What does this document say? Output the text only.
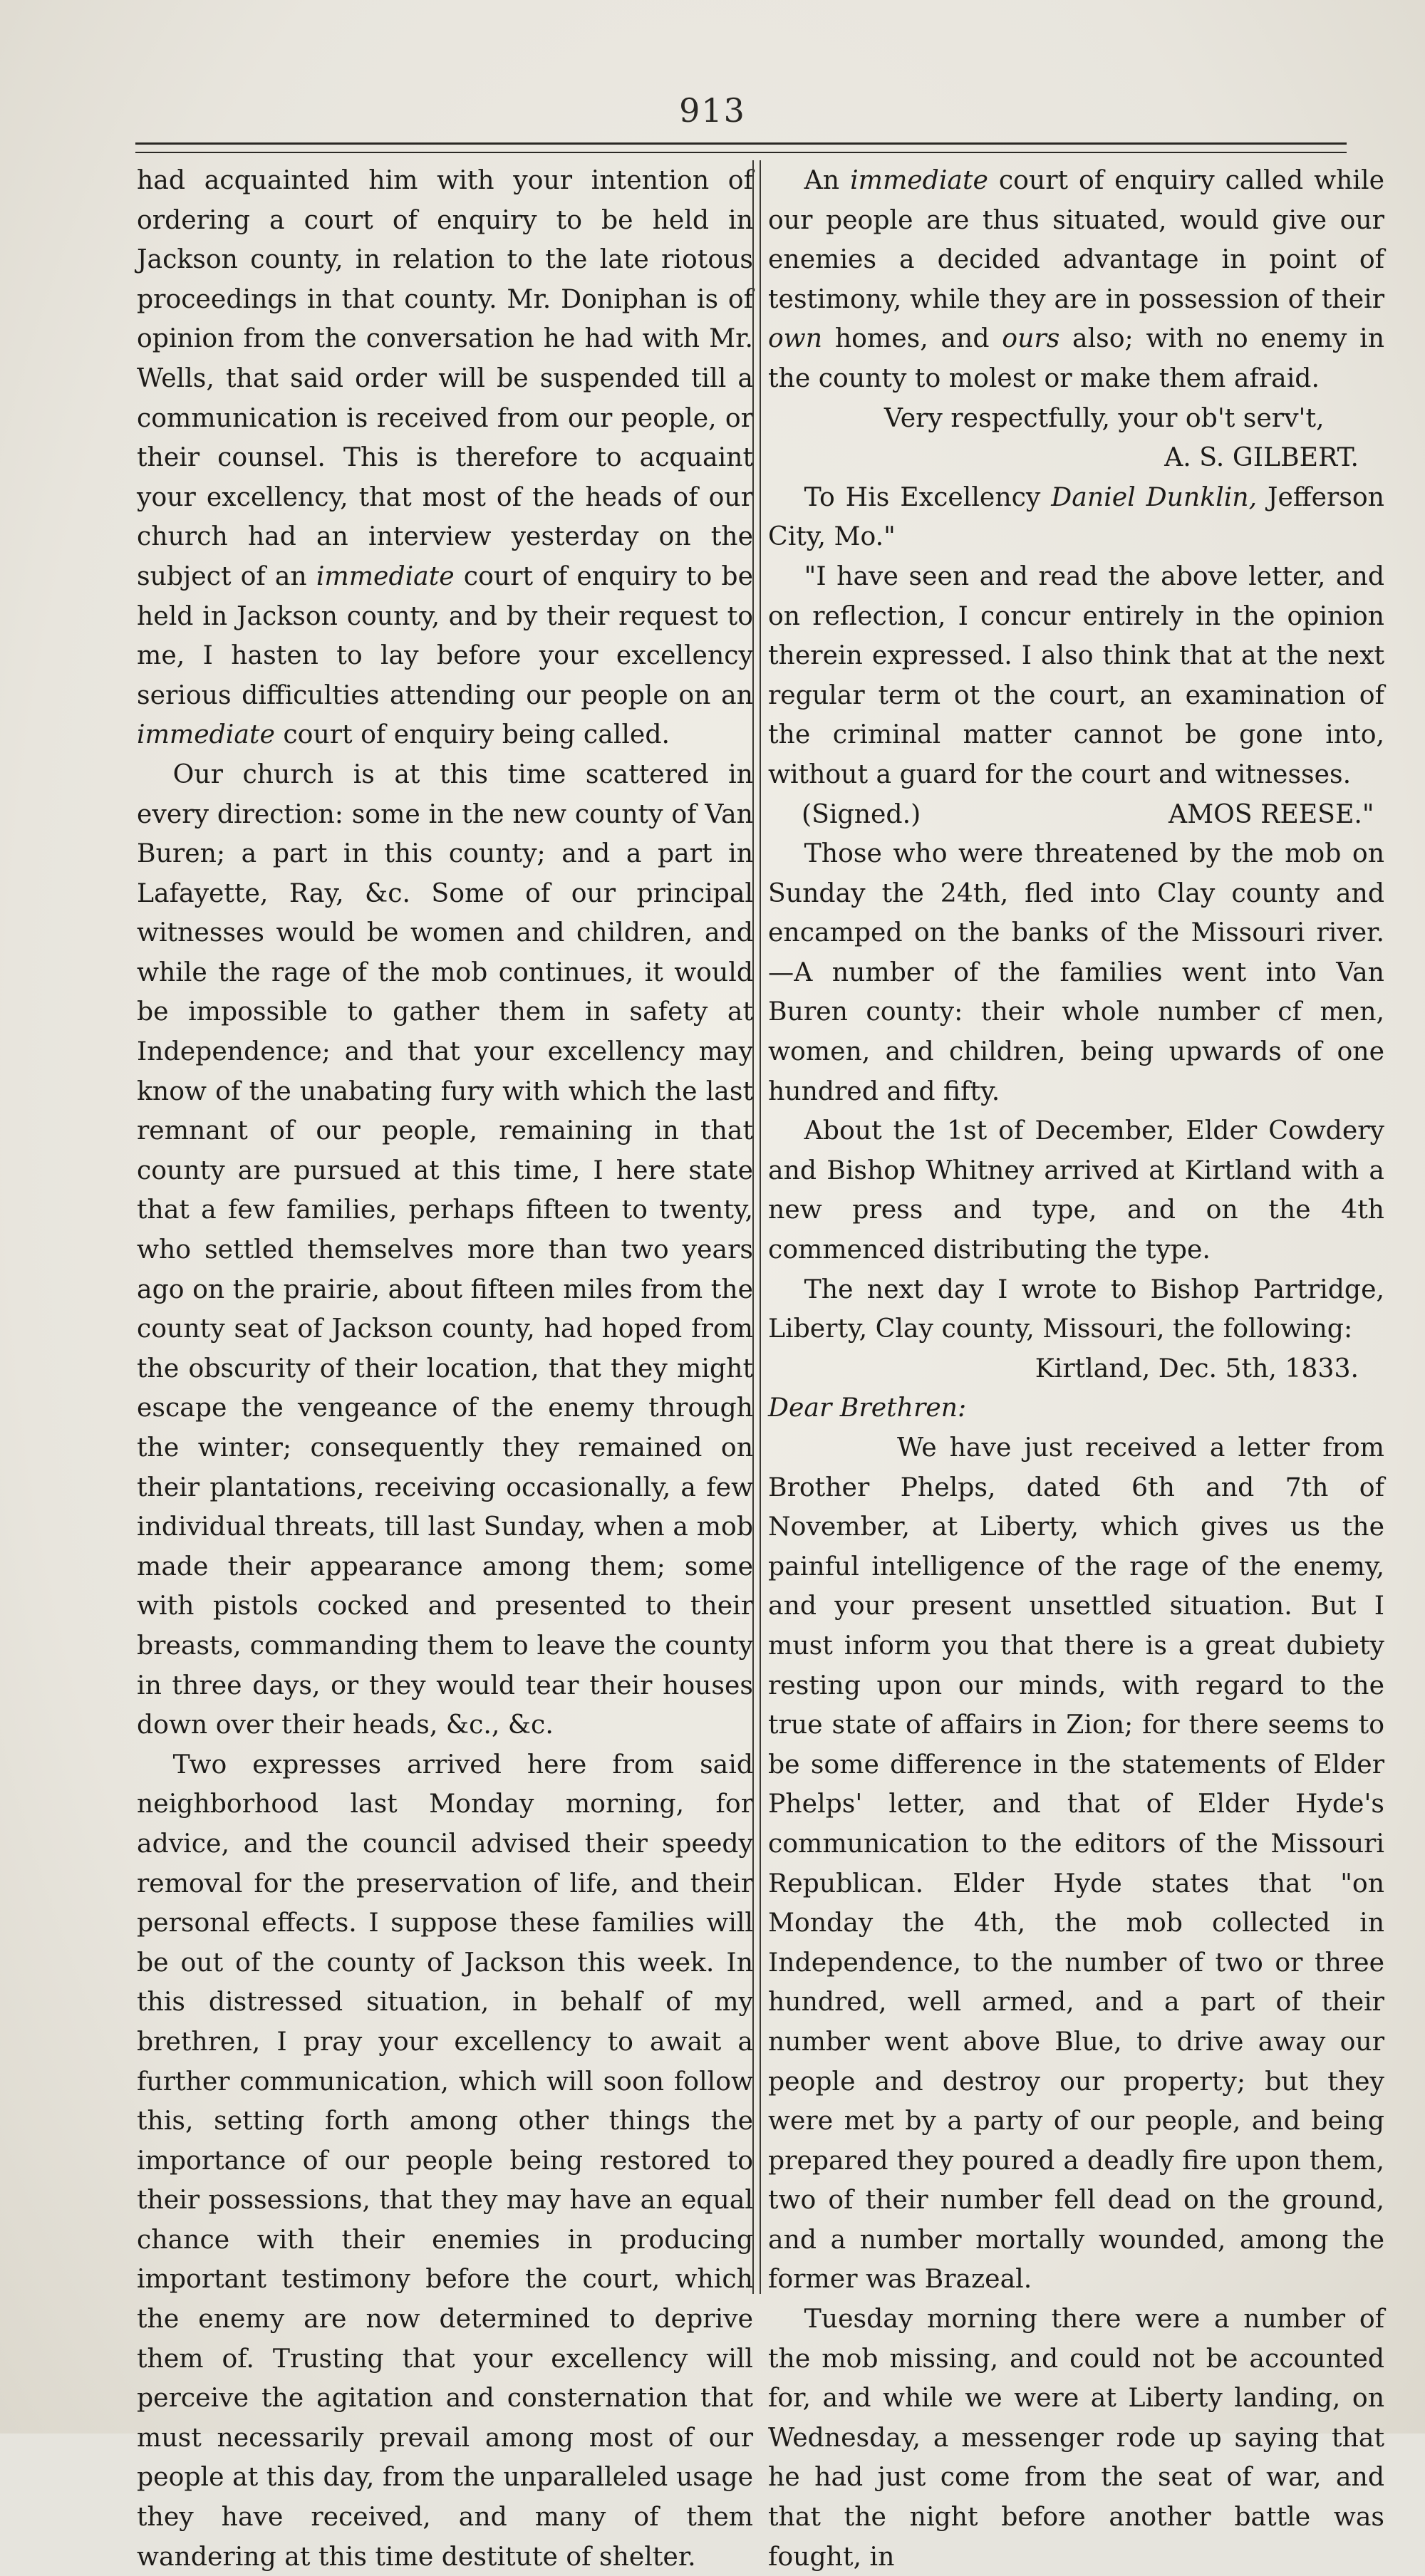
913

had acquainted him with your intention of ordering a court of enquiry to be held in Jackson county, in relation to the late riotous proceedings in that county. Mr. Doniphan is of opinion from the conversation he had with Mr. Wells, that said order will be suspended till a communication is received from our people, or their counsel. This is therefore to acquaint your excellency, that most of the heads of our church had an interview yesterday on the subject of an immediate court of enquiry to be held in Jackson county, and by their request to me, I hasten to lay before your excellency serious difficulties attending our people on an immediate court of enquiry being called.

Our church is at this time scattered in every direction: some in the new county of Van Buren; a part in this county; and a part in Lafayette, Ray, &c. Some of our principal witnesses would be women and children, and while the rage of the mob continues, it would be impossible to gather them in safety at Independence; and that your excellency may know of the unabating fury with which the last remnant of our people, remaining in that county are pursued at this time, I here state that a few families, perhaps fifteen to twenty, who settled themselves more than two years ago on the prairie, about fifteen miles from the county seat of Jackson county, had hoped from the obscurity of their location, that they might escape the vengeance of the enemy through the winter; consequently they remained on their plantations, receiving occasionally, a few individual threats, till last Sunday, when a mob made their appearance among them; some with pistols cocked and presented to their breasts, commanding them to leave the county in three days, or they would tear their houses down over their heads, &c., &c.

Two expresses arrived here from said neighborhood last Monday morning, for advice, and the council advised their speedy removal for the preservation of life, and their personal effects. I suppose these families will be out of the county of Jackson this week. In this distressed situation, in behalf of my brethren, I pray your excellency to await a further communication, which will soon follow this, setting forth among other things the importance of our people being restored to their possessions, that they may have an equal chance with their enemies in producing important testimony before the court, which the enemy are now determined to deprive them of. Trusting that your excellency will perceive the agitation and consternation that must necessarily prevail among most of our people at this day, from the unparalleled usage they have received, and many of them wandering at this time destitute of shelter.

An immediate court of enquiry called while our people are thus situated, would give our enemies a decided advantage in point of testimony, while they are in possession of their own homes, and ours also; with no enemy in the county to molest or make them afraid.

Very respectfully, your ob't serv't,

A. S. GILBERT.

To His Excellency Daniel Dunklin, Jefferson City, Mo."

"I have seen and read the above letter, and on reflection, I concur entirely in the opinion therein expressed. I also think that at the next regular term ot the court, an examination of the criminal matter cannot be gone into, without a guard for the court and witnesses.

(Signed.)	AMOS REESE."

Those who were threatened by the mob on Sunday the 24th, fled into Clay county and encamped on the banks of the Missouri river.—A number of the families went into Van Buren county: their whole number cf men, women, and children, being upwards of one hundred and fifty.

About the 1st of December, Elder Cowdery and Bishop Whitney arrived at Kirtland with a new press and type, and on the 4th commenced distributing the type.

The next day I wrote to Bishop Partridge, Liberty, Clay county, Missouri, the following:

Kirtland, Dec. 5th, 1833.

Dear Brethren:

We have just received a letter from Brother Phelps, dated 6th and 7th of November, at Liberty, which gives us the painful intelligence of the rage of the enemy, and your present unsettled situation. But I must inform you that there is a great dubiety resting upon our minds, with regard to the true state of affairs in Zion; for there seems to be some difference in the statements of Elder Phelps' letter, and that of Elder Hyde's communication to the editors of the Missouri Republican. Elder Hyde states that "on Monday the 4th, the mob collected in Independence, to the number of two or three hundred, well armed, and a part of their number went above Blue, to drive away our people and destroy our property; but they were met by a party of our people, and being prepared they poured a deadly fire upon them, two of their number fell dead on the ground, and a number mortally wounded, among the former was Brazeal.

Tuesday morning there were a number of the mob missing, and could not be accounted for, and while we were at Liberty landing, on Wednesday, a messenger rode up saying that he had just come from the seat of war, and that the night before another battle was fought, in
